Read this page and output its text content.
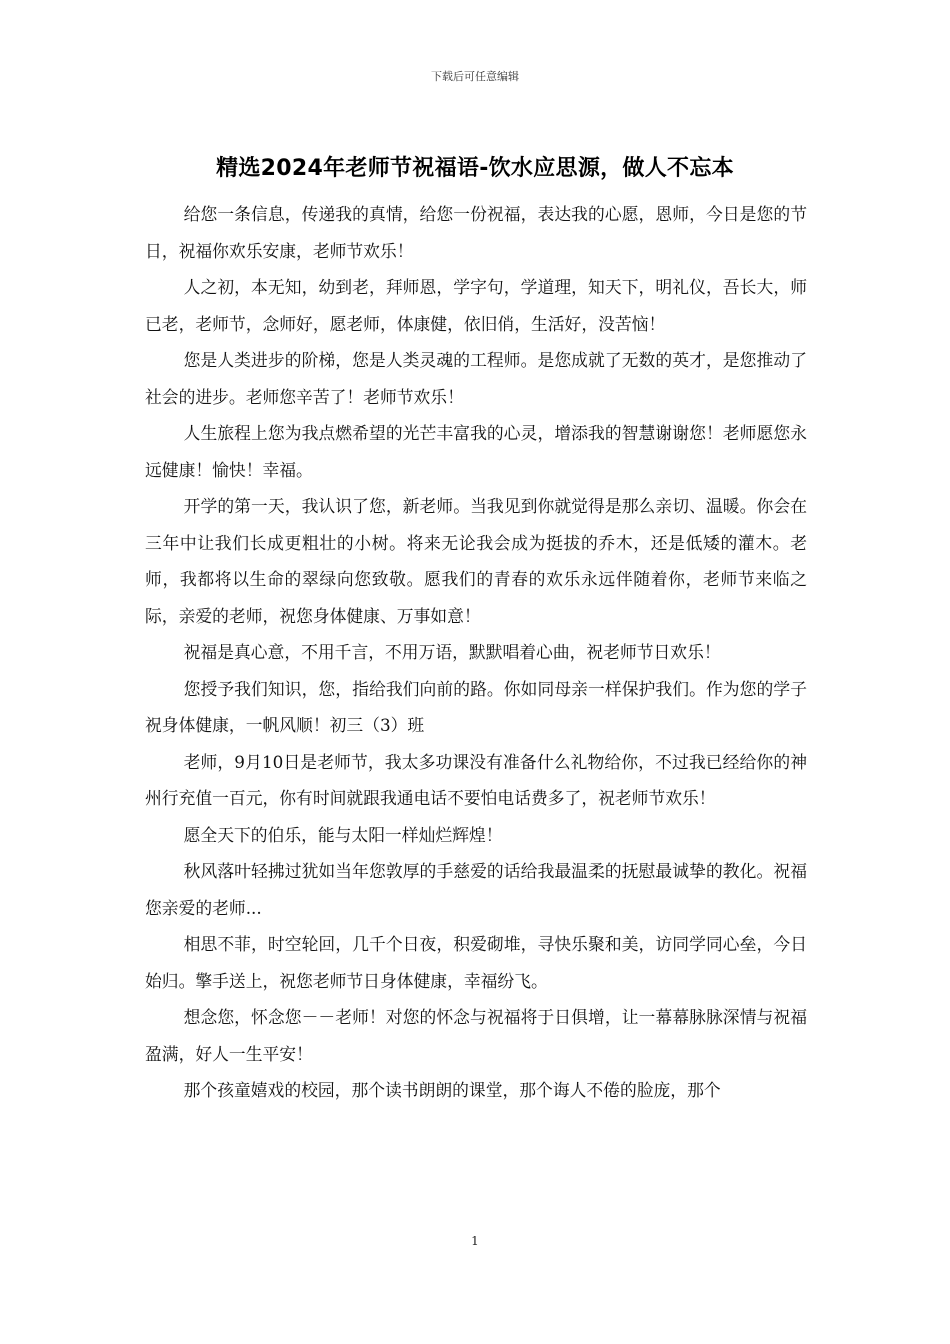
下载后可任意编辑
精选2024年老师节祝福语-饮水应思源，做人不忘本

给您一条信息，传递我的真情，给您一份祝福，表达我的心愿，恩师，今日是您的节日，祝福你欢乐安康，老师节欢乐！

人之初，本无知，幼到老，拜师恩，学字句，学道理，知天下，明礼仪，吾长大，师已老，老师节，念师好，愿老师，体康健，依旧俏，生活好，没苦恼！

您是人类进步的阶梯，您是人类灵魂的工程师。是您成就了无数的英才，是您推动了社会的进步。老师您辛苦了！老师节欢乐！

人生旅程上您为我点燃希望的光芒丰富我的心灵，增添我的智慧谢谢您！老师愿您永远健康！愉快！幸福。

开学的第一天，我认识了您，新老师。当我见到你就觉得是那么亲切、温暖。你会在三年中让我们长成更粗壮的小树。将来无论我会成为挺拔的乔木，还是低矮的灌木。老师，我都将以生命的翠绿向您致敬。愿我们的青春的欢乐永远伴随着你，老师节来临之际，亲爱的老师，祝您身体健康、万事如意！

祝福是真心意，不用千言，不用万语，默默唱着心曲，祝老师节日欢乐！

您授予我们知识，您，指给我们向前的路。你如同母亲一样保护我们。作为您的学子祝身体健康，一帆风顺！初三（3）班

老师，9月10日是老师节，我太多功课没有准备什么礼物给你，不过我已经给你的神州行充值一百元，你有时间就跟我通电话不要怕电话费多了，祝老师节欢乐！

愿全天下的伯乐，能与太阳一样灿烂辉煌！

秋风落叶轻拂过犹如当年您敦厚的手慈爱的话给我最温柔的抚慰最诚挚的教化。祝福您亲爱的老师...

相思不菲，时空轮回，几千个日夜，积爱砌堆，寻快乐聚和美，访同学同心垒，今日始归。擎手送上，祝您老师节日身体健康，幸福纷飞。

想念您，怀念您－－老师！对您的怀念与祝福将于日俱增，让一幕幕脉脉深情与祝福盈满，好人一生平安！

那个孩童嬉戏的校园，那个读书朗朗的课堂，那个诲人不倦的脸庞，那个

1
